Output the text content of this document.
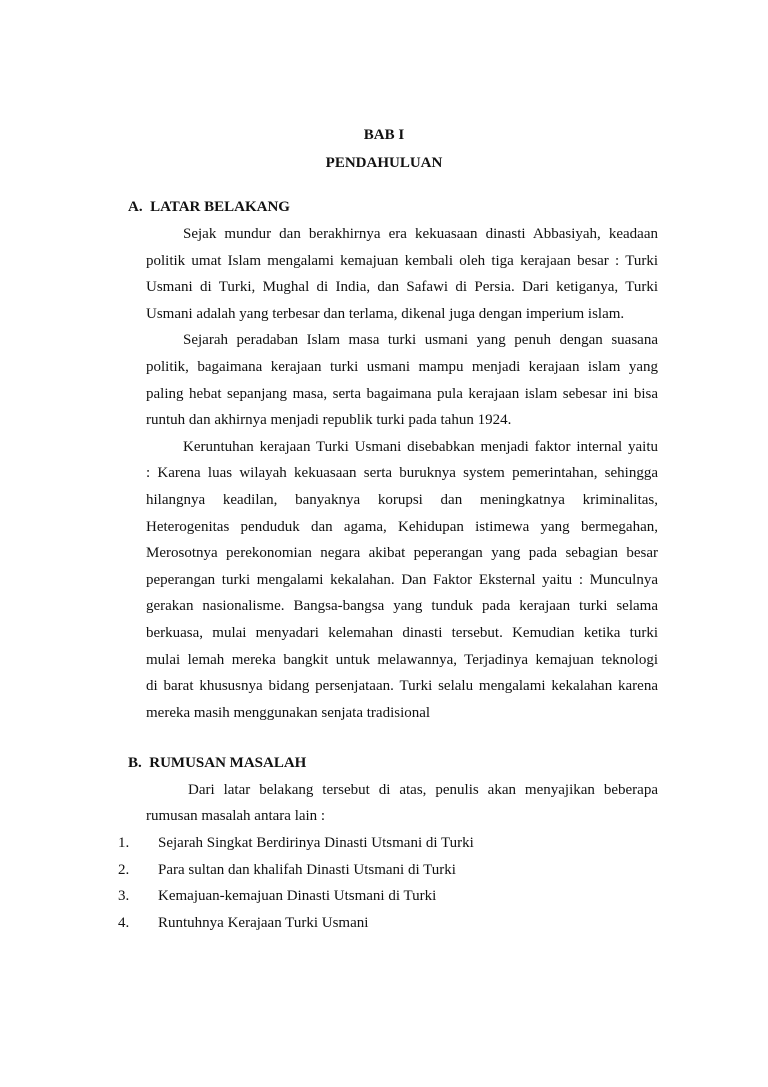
BAB I
PENDAHULUAN
A.  LATAR BELAKANG
B.  RUMUSAN MASALAH
Dari latar belakang tersebut di atas, penulis akan menyajikan beberapa
rumusan masalah antara lain :
Sejak mundur dan berakhirnya era kekuasaan dinasti Abbasiyah, keadaan
politik umat Islam mengalami kemajuan kembali oleh tiga kerajaan besar : Turki
Usmani di Turki, Mughal di India, dan Safawi di Persia. Dari ketiganya, Turki
Usmani adalah yang terbesar dan terlama, dikenal juga dengan imperium islam.
Sejarah peradaban Islam masa turki usmani yang penuh dengan suasana
politik, bagaimana kerajaan turki usmani mampu menjadi kerajaan islam yang
paling hebat sepanjang masa, serta bagaimana pula kerajaan islam sebesar ini bisa
runtuh dan akhirnya menjadi republik turki pada tahun 1924.
Keruntuhan kerajaan Turki Usmani disebabkan menjadi faktor internal yaitu
: Karena luas wilayah kekuasaan serta buruknya system pemerintahan, sehingga
hilangnya keadilan, banyaknya korupsi dan meningkatnya kriminalitas,
Heterogenitas penduduk dan agama, Kehidupan istimewa yang bermegahan,
Merosotnya perekonomian negara akibat peperangan yang pada sebagian besar
peperangan turki mengalami kekalahan. Dan Faktor Eksternal yaitu : Munculnya
gerakan nasionalisme. Bangsa-bangsa yang tunduk pada kerajaan turki selama
berkuasa, mulai menyadari kelemahan dinasti tersebut. Kemudian ketika turki
mulai lemah mereka bangkit untuk melawannya, Terjadinya kemajuan teknologi
di barat khususnya bidang persenjataan. Turki selalu mengalami kekalahan karena
mereka masih menggunakan senjata tradisional
1. Sejarah Singkat Berdirinya Dinasti Utsmani di Turki
2. Para sultan dan khalifah Dinasti Utsmani di Turki
3. Kemajuan-kemajuan Dinasti Utsmani di Turki
4. Runtuhnya Kerajaan Turki Usmani
